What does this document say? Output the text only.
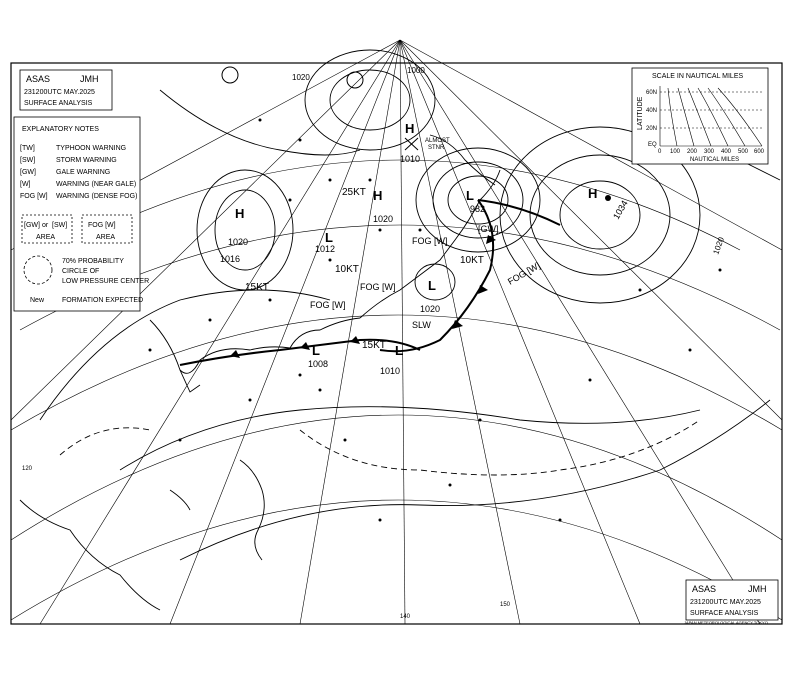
H
1020
H
1020
H
L
982
L
1020
L
1012
L
1010
L
1008
H
1034
1020
1010
1016
1000
1020
25KT
15KT
10KT
10KT
15KT
FOG [W]
FOG [W]
FOG [W]
FOG [W]
[GW]
SLW
ALMOST
STNR
140
150
120
ASAS	JMH
231200UTC MAY.2025
SURFACE ANALYSIS
EXPLANATORY NOTES
[TW]	TYPHOON WARNING
[SW]	STORM WARNING
[GW]	GALE WARNING
[W]	WARNING (NEAR GALE)
FOG [W] WARNING (DENSE FOG)
[GW] or [SW]
AREA
FOG [W]
AREA
70% PROBABILITY
CIRCLE OF
LOW PRESSURE CENTER
New	FORMATION EXPECTED
SCALE IN NAUTICAL MILES
LATITUDE
60N
40N
20N
EQ
0 100 200 300 400 500 600
NAUTICAL MILES
ASAS	JMH
231200UTC MAY.2025
SURFACE ANALYSIS
JAPAN METEOROLOGICAL AGENCY TOKYO
